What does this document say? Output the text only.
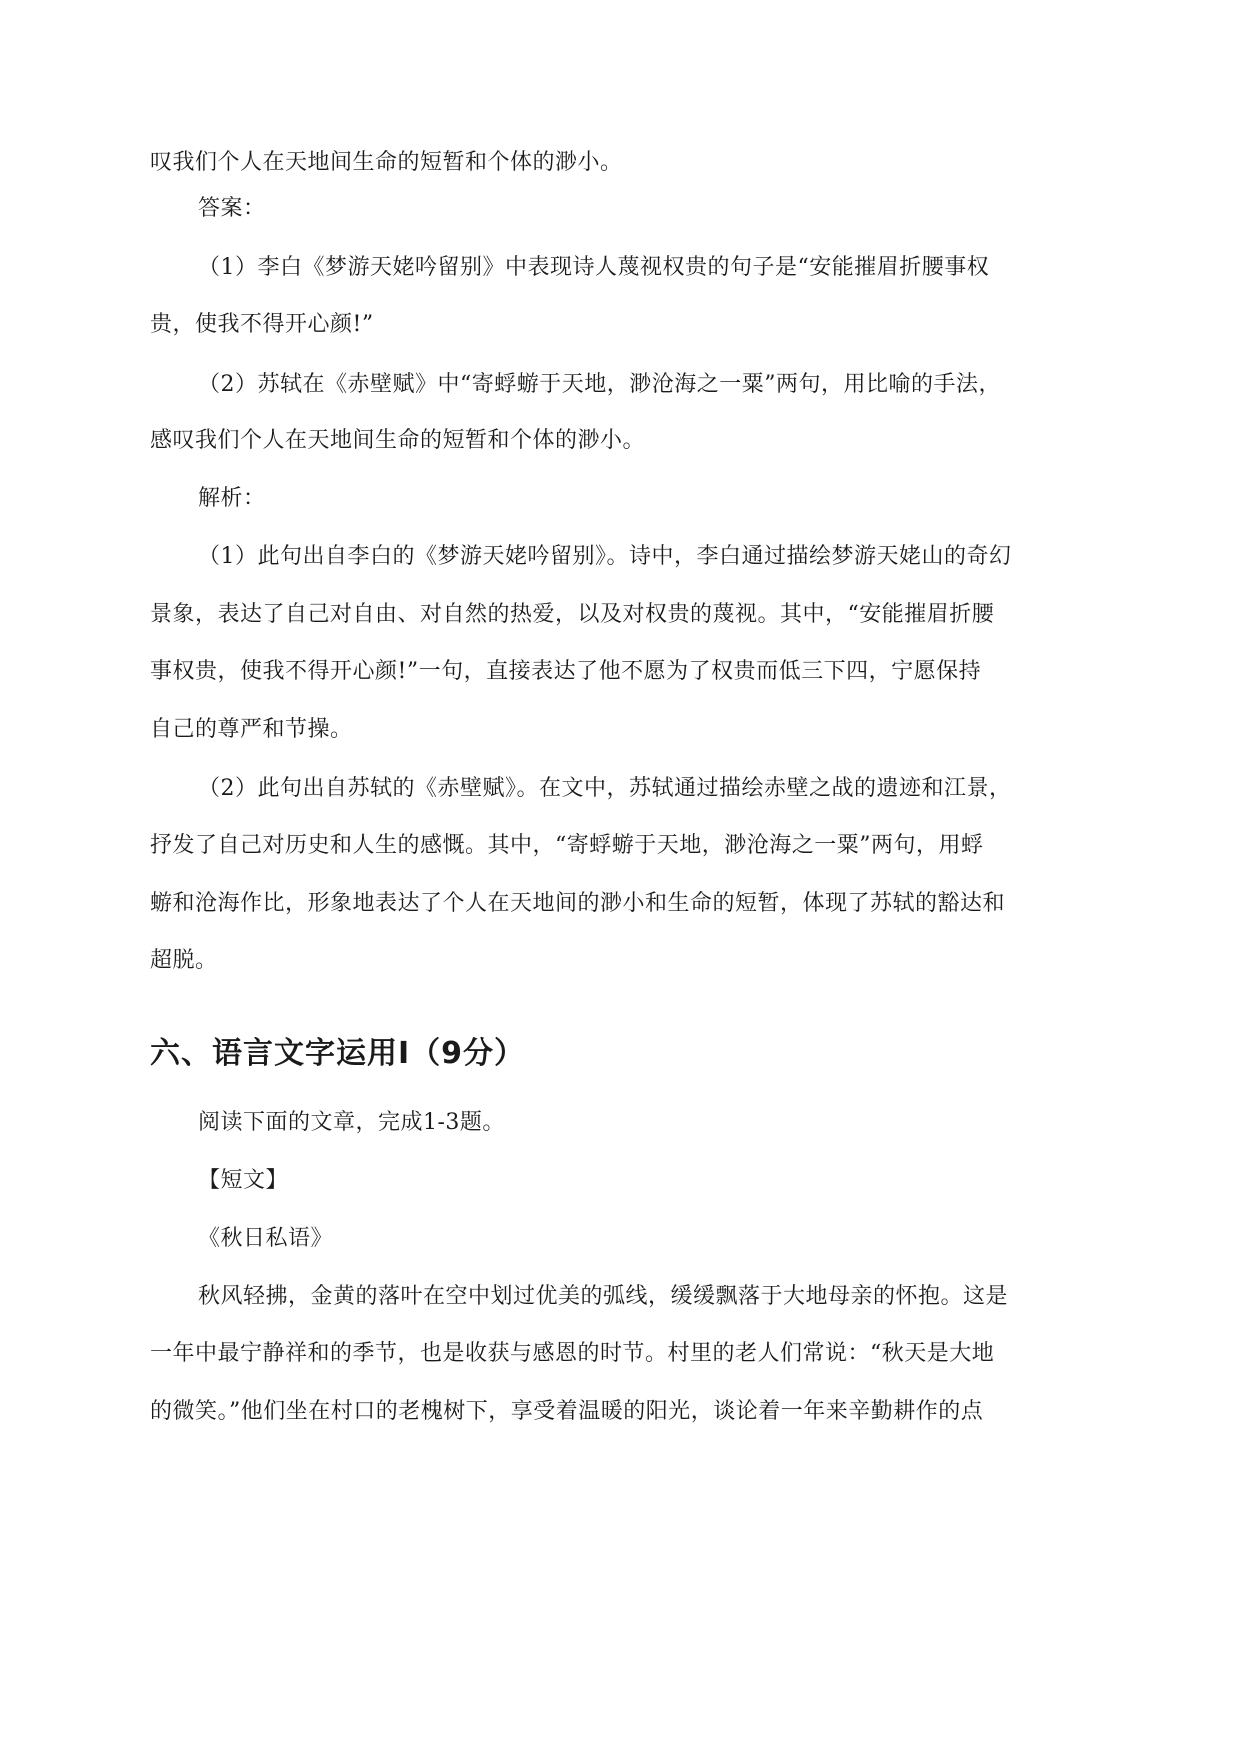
叹我们个人在天地间生命的短暂和个体的渺小。
答案：
（1）李白《梦游天姥吟留别》中表现诗人蔑视权贵的句子是“安能摧眉折腰事权
贵，使我不得开心颜!”
（2）苏轼在《赤壁赋》中“寄蜉蝣于天地，渺沧海之一粟”两句，用比喻的手法，
感叹我们个人在天地间生命的短暂和个体的渺小。
解析：
（1）此句出自李白的《梦游天姥吟留别》。诗中，李白通过描绘梦游天姥山的奇幻
景象，表达了自己对自由、对自然的热爱，以及对权贵的蔑视。其中，“安能摧眉折腰
事权贵，使我不得开心颜!”一句，直接表达了他不愿为了权贵而低三下四，宁愿保持
自己的尊严和节操。
（2）此句出自苏轼的《赤壁赋》。在文中，苏轼通过描绘赤壁之战的遗迹和江景，
抒发了自己对历史和人生的感慨。其中，“寄蜉蝣于天地，渺沧海之一粟”两句，用蜉
蝣和沧海作比，形象地表达了个人在天地间的渺小和生命的短暂，体现了苏轼的豁达和
超脱。
六、语言文字运用Ⅰ（9分）
阅读下面的文章，完成1-3题。
【短文】
《秋日私语》
秋风轻拂，金黄的落叶在空中划过优美的弧线，缓缓飘落于大地母亲的怀抱。这是
一年中最宁静祥和的季节，也是收获与感恩的时节。村里的老人们常说：“秋天是大地
的微笑。”他们坐在村口的老槐树下，享受着温暖的阳光，谈论着一年来辛勤耕作的点
